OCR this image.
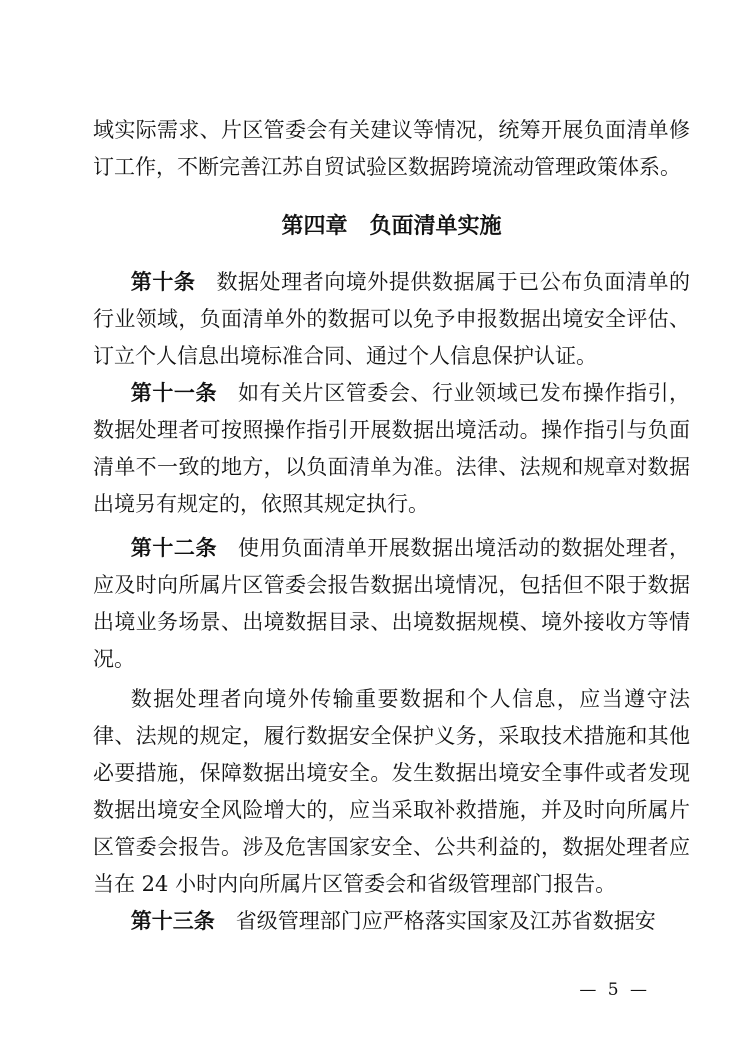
域实际需求、片区管委会有关建议等情况，统筹开展负面清单修订工作，不断完善江苏自贸试验区数据跨境流动管理政策体系。

第四章　负面清单实施

第十条 数据处理者向境外提供数据属于已公布负面清单的行业领域，负面清单外的数据可以免予申报数据出境安全评估、订立个人信息出境标准合同、通过个人信息保护认证。

第十一条 如有关片区管委会、行业领域已发布操作指引，数据处理者可按照操作指引开展数据出境活动。操作指引与负面清单不一致的地方，以负面清单为准。法律、法规和规章对数据出境另有规定的，依照其规定执行。

第十二条 使用负面清单开展数据出境活动的数据处理者，应及时向所属片区管委会报告数据出境情况，包括但不限于数据出境业务场景、出境数据目录、出境数据规模、境外接收方等情况。

数据处理者向境外传输重要数据和个人信息，应当遵守法律、法规的规定，履行数据安全保护义务，采取技术措施和其他必要措施，保障数据出境安全。发生数据出境安全事件或者发现数据出境安全风险增大的，应当采取补救措施，并及时向所属片区管委会报告。涉及危害国家安全、公共利益的，数据处理者应当在 24 小时内向所属片区管委会和省级管理部门报告。

第十三条 省级管理部门应严格落实国家及江苏省数据安

— 5 —
